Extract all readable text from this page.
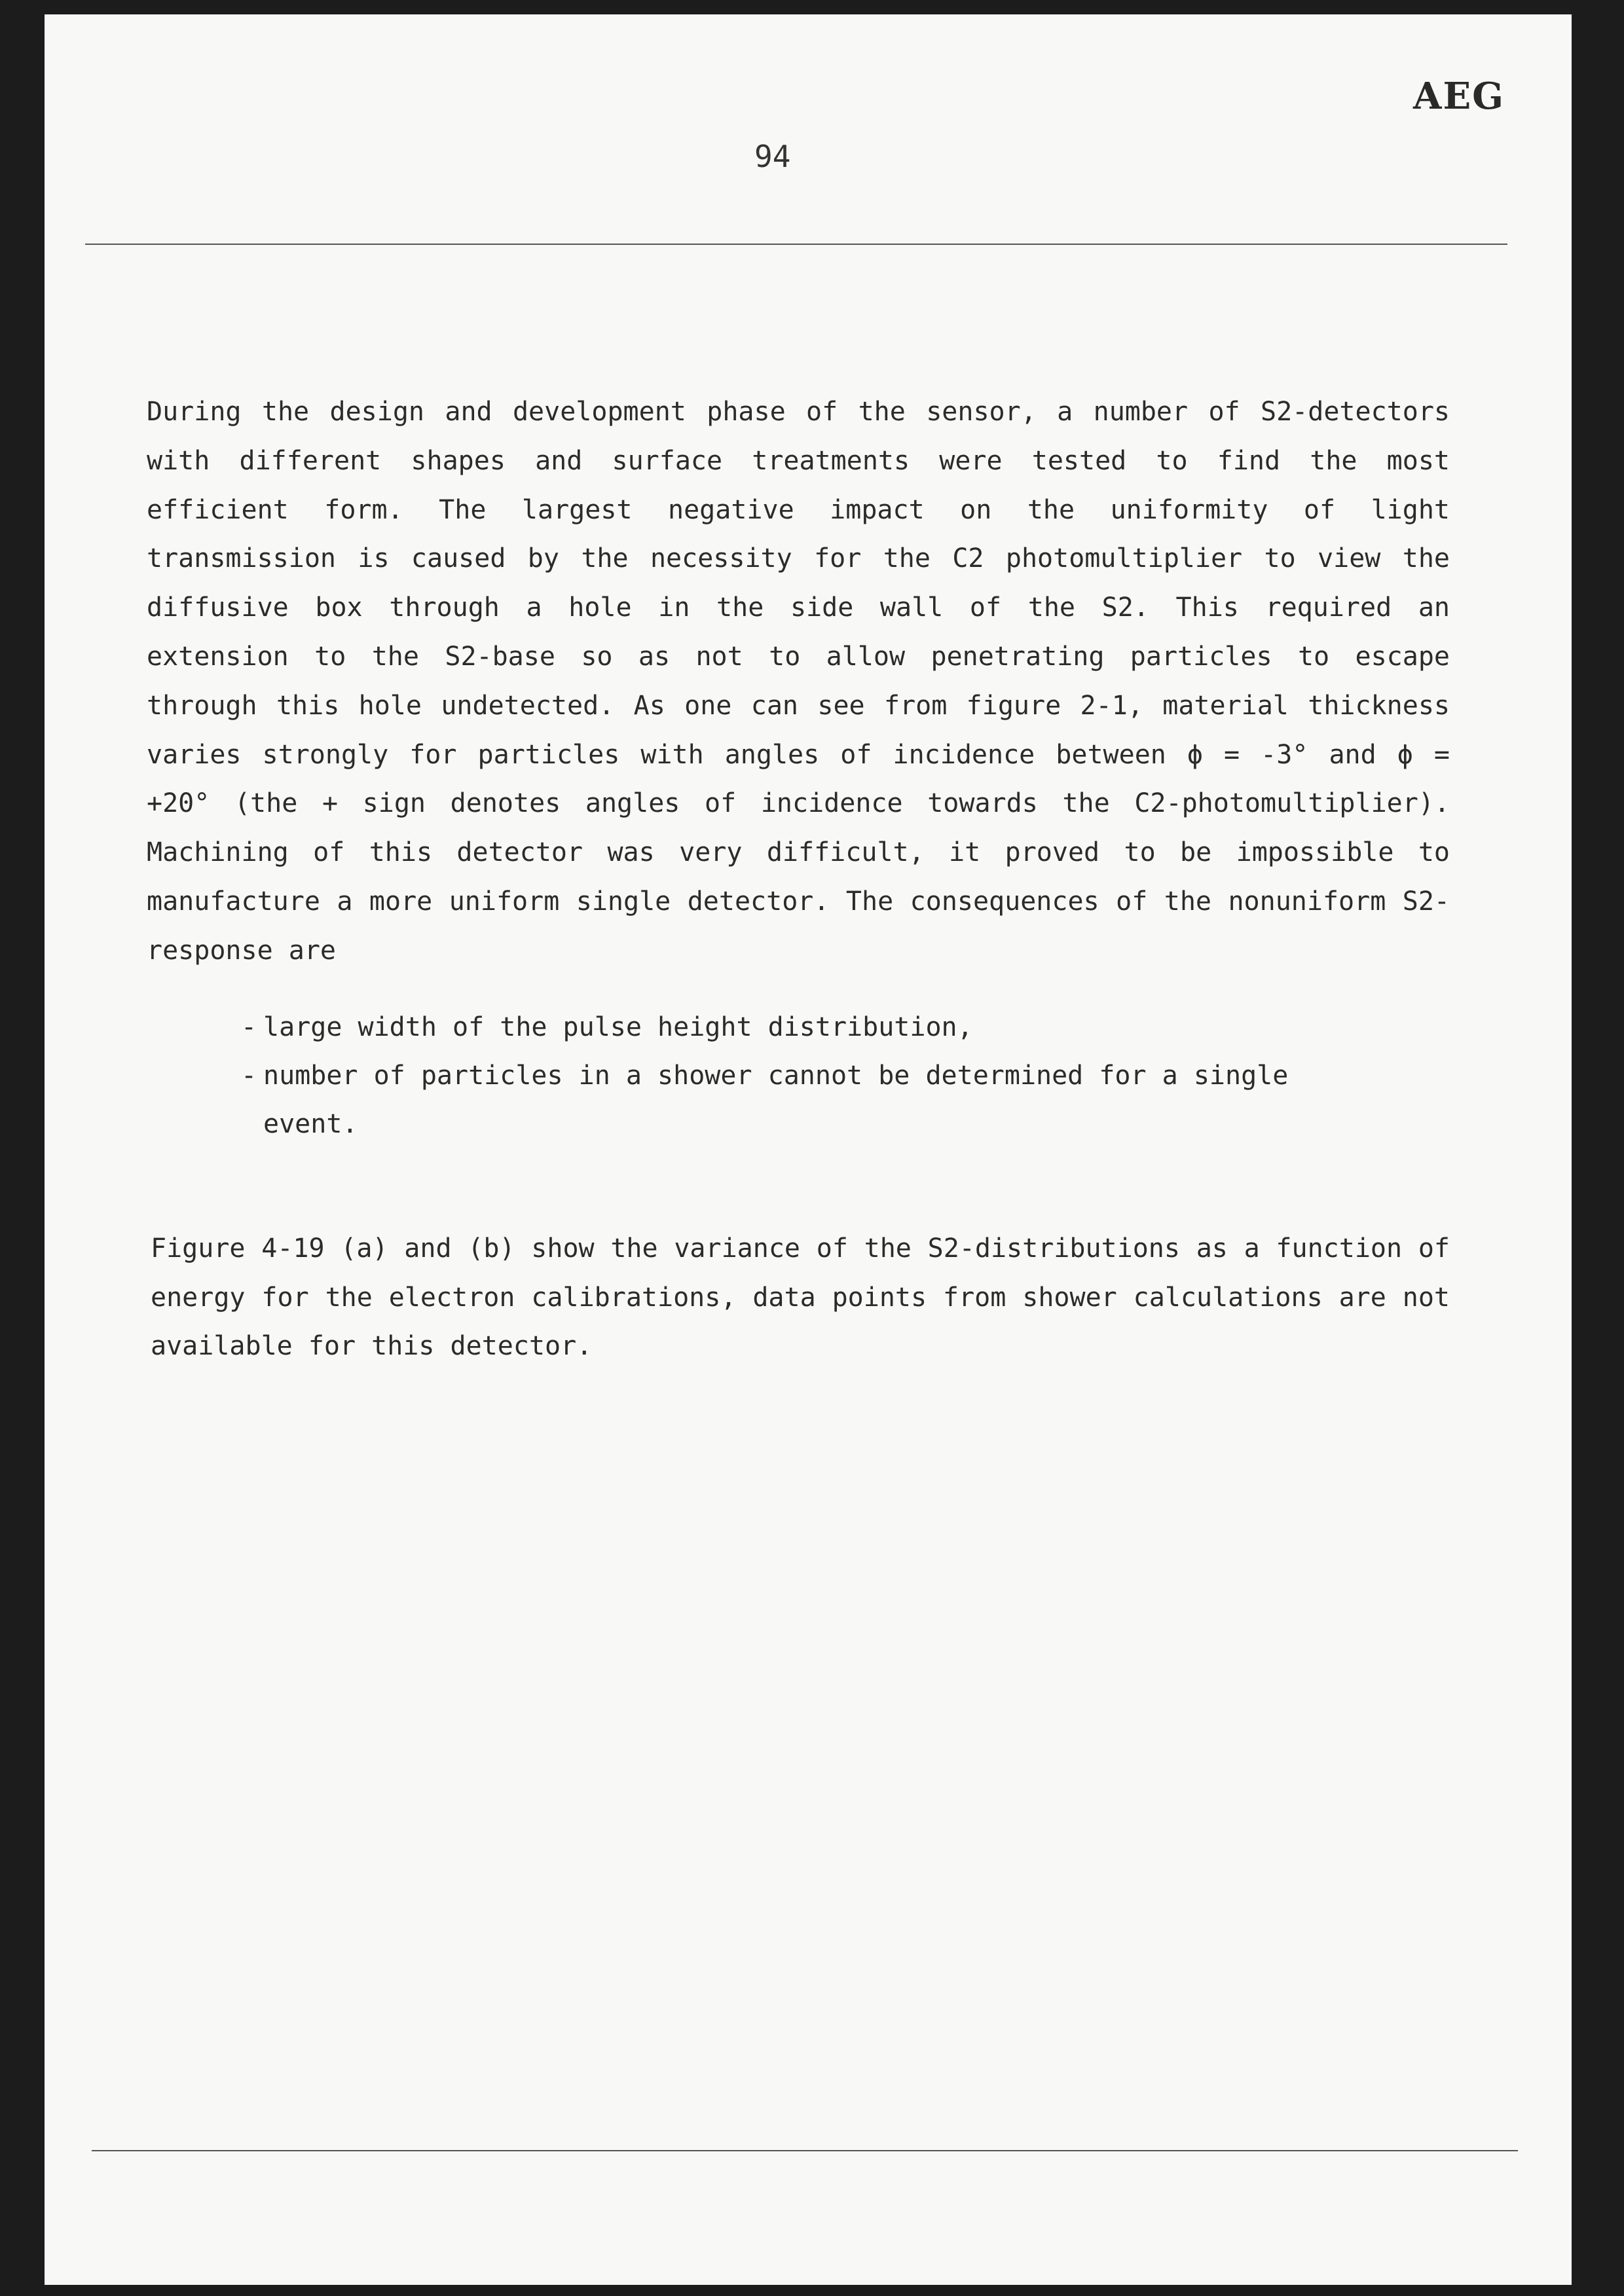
AEG
94

During the design and development phase of the sensor, a number of S2-detectors with different shapes and surface treatments were tested to find the most efficient form. The largest negative impact on the uniformity of light transmission is caused by the necessity for the C2 photomultiplier to view the diffusive box through a hole in the side wall of the S2. This required an extension to the S2-base so as not to allow penetrating particles to escape through this hole undetected. As one can see from figure 2-1, material thickness varies strongly for particles with angles of incidence between ϕ = -3° and ϕ = +20° (the + sign denotes angles of incidence towards the C2-photomultiplier). Machining of this detector was very difficult, it proved to be impossible to manufacture a more uniform single detector. The consequences of the nonuniform S2-response are

- large width of the pulse height distribution,
- number of particles in a shower cannot be determined for a single event.

Figure 4-19 (a) and (b) show the variance of the S2-distributions as a function of energy for the electron calibrations, data points from shower calculations are not available for this detector.
